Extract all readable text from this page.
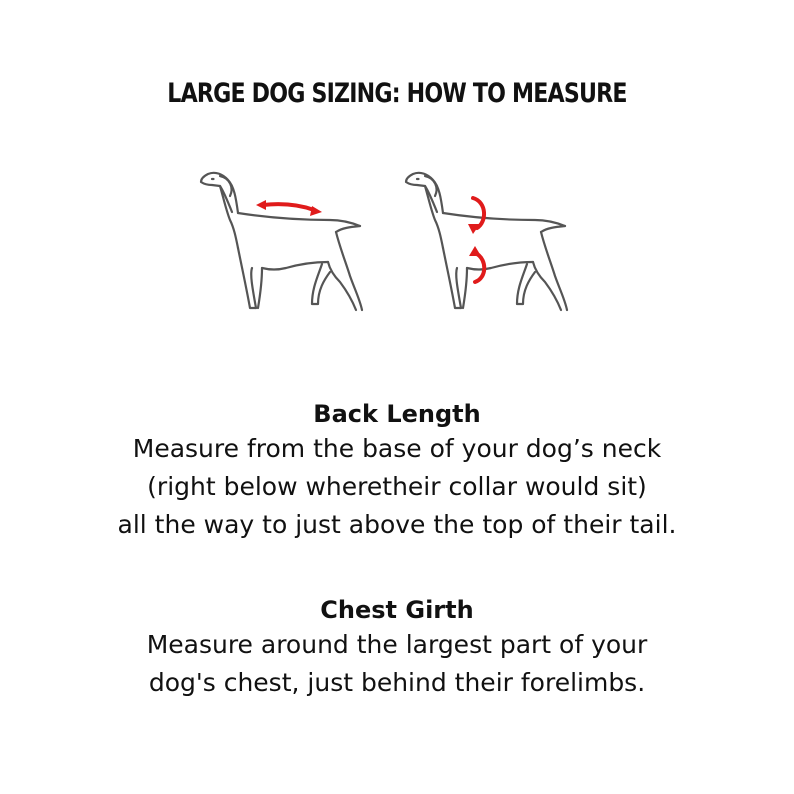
LARGE DOG SIZING: HOW TO MEASURE
Back Length
Measure from the base of your dog’s neck
(right below wheretheir collar would sit)
all the way to just above the top of their tail.
Chest Girth
Measure around the largest part of your
dog's chest, just behind their forelimbs.
